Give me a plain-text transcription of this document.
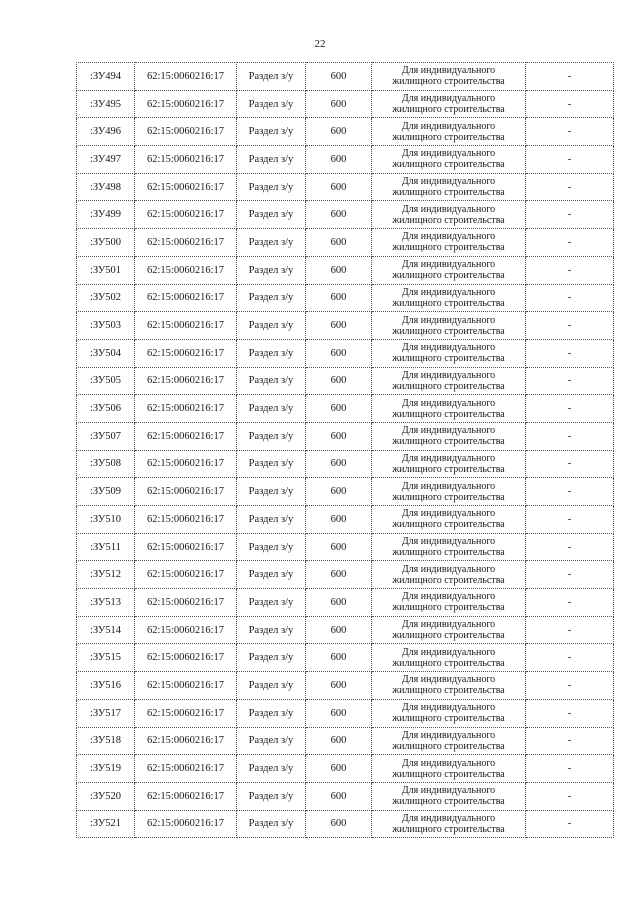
22
:ЗУ494	62:15:0060216:17	Раздел з/у	600	Для индивидуального
жилищного строительства	-
:ЗУ495	62:15:0060216:17	Раздел з/у	600	Для индивидуального
жилищного строительства	-
:ЗУ496	62:15:0060216:17	Раздел з/у	600	Для индивидуального
жилищного строительства	-
:ЗУ497	62:15:0060216:17	Раздел з/у	600	Для индивидуального
жилищного строительства	-
:ЗУ498	62:15:0060216:17	Раздел з/у	600	Для индивидуального
жилищного строительства	-
:ЗУ499	62:15:0060216:17	Раздел з/у	600	Для индивидуального
жилищного строительства	-
:ЗУ500	62:15:0060216:17	Раздел з/у	600	Для индивидуального
жилищного строительства	-
:ЗУ501	62:15:0060216:17	Раздел з/у	600	Для индивидуального
жилищного строительства	-
:ЗУ502	62:15:0060216:17	Раздел з/у	600	Для индивидуального
жилищного строительства	-
:ЗУ503	62:15:0060216:17	Раздел з/у	600	Для индивидуального
жилищного строительства	-
:ЗУ504	62:15:0060216:17	Раздел з/у	600	Для индивидуального
жилищного строительства	-
:ЗУ505	62:15:0060216:17	Раздел з/у	600	Для индивидуального
жилищного строительства	-
:ЗУ506	62:15:0060216:17	Раздел з/у	600	Для индивидуального
жилищного строительства	-
:ЗУ507	62:15:0060216:17	Раздел з/у	600	Для индивидуального
жилищного строительства	-
:ЗУ508	62:15:0060216:17	Раздел з/у	600	Для индивидуального
жилищного строительства	-
:ЗУ509	62:15:0060216:17	Раздел з/у	600	Для индивидуального
жилищного строительства	-
:ЗУ510	62:15:0060216:17	Раздел з/у	600	Для индивидуального
жилищного строительства	-
:ЗУ511	62:15:0060216:17	Раздел з/у	600	Для индивидуального
жилищного строительства	-
:ЗУ512	62:15:0060216:17	Раздел з/у	600	Для индивидуального
жилищного строительства	-
:ЗУ513	62:15:0060216:17	Раздел з/у	600	Для индивидуального
жилищного строительства	-
:ЗУ514	62:15:0060216:17	Раздел з/у	600	Для индивидуального
жилищного строительства	-
:ЗУ515	62:15:0060216:17	Раздел з/у	600	Для индивидуального
жилищного строительства	-
:ЗУ516	62:15:0060216:17	Раздел з/у	600	Для индивидуального
жилищного строительства	-
:ЗУ517	62:15:0060216:17	Раздел з/у	600	Для индивидуального
жилищного строительства	-
:ЗУ518	62:15:0060216:17	Раздел з/у	600	Для индивидуального
жилищного строительства	-
:ЗУ519	62:15:0060216:17	Раздел з/у	600	Для индивидуального
жилищного строительства	-
:ЗУ520	62:15:0060216:17	Раздел з/у	600	Для индивидуального
жилищного строительства	-
:ЗУ521	62:15:0060216:17	Раздел з/у	600	Для индивидуального
жилищного строительства	-
